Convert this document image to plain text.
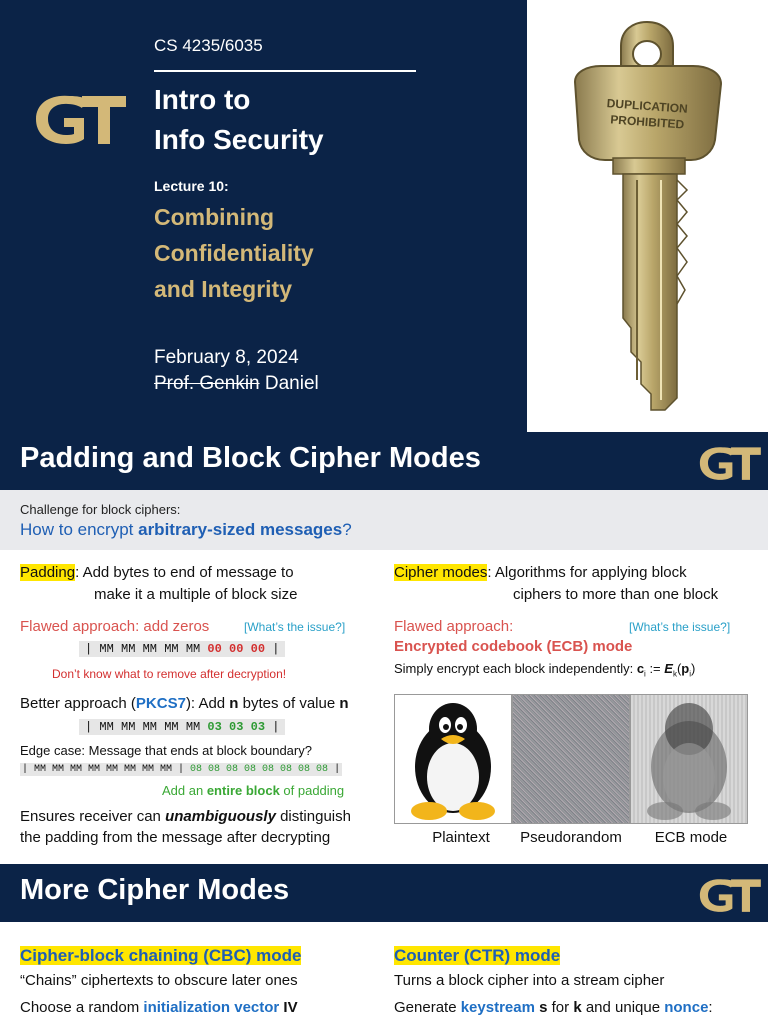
CS 4235/6035
Intro to
Info Security
Lecture 10:
Combining
Confidentiality
and Integrity
February 8, 2024
Prof. Genkin Daniel
DUPLICATION
PROHIBITED
Padding and Block Cipher Modes
Challenge for block ciphers:
How to encrypt arbitrary-sized messages?
Padding: Add bytes to end of message to
make it a multiple of block size
Flawed approach: add zeros	[What’s the issue?]
| MM MM MM MM MM 00 00 00 |
Don’t know what to remove after decryption!
Better approach (PKCS7): Add n bytes of value n
| MM MM MM MM MM 03 03 03 |
Edge case: Message that ends at block boundary?
| MM MM MM MM MM MM MM MM | 08 08 08 08 08 08 08 08 |
Add an entire block of padding
Ensures receiver can unambiguously distinguish
the padding from the message after decrypting
Cipher modes: Algorithms for applying block
ciphers to more than one block
Flawed approach:	[What’s the issue?]
Encrypted codebook (ECB) mode
Simply encrypt each block independently: $c_i$ := $E_k(p_i)$
Plaintext	Pseudorandom	ECB mode
More Cipher Modes
Cipher-block chaining (CBC) mode
“Chains” ciphertexts to obscure later ones
Choose a random initialization vector IV
Counter (CTR) mode
Turns a block cipher into a stream cipher
Generate keystream s for k and unique nonce:
